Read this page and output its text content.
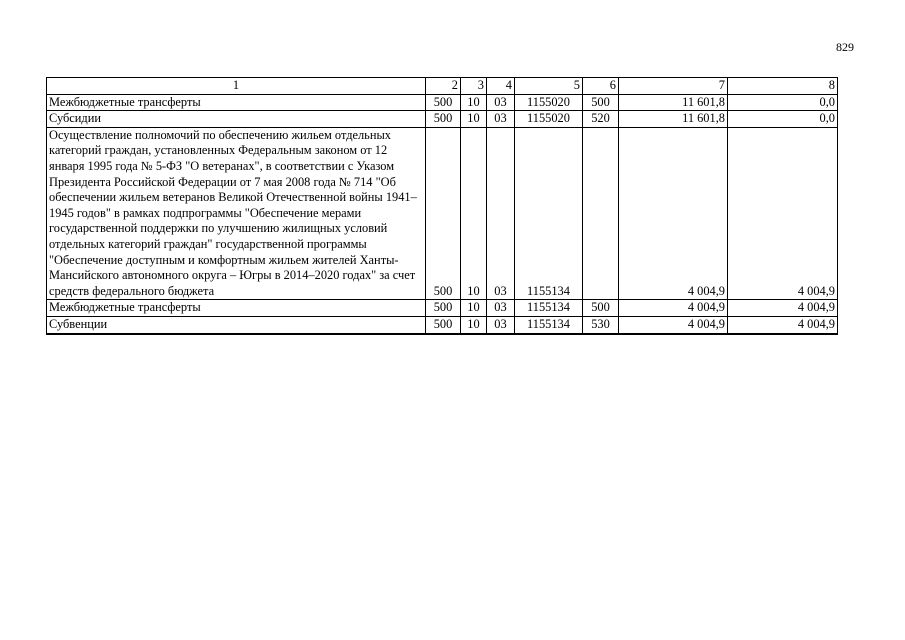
829
1	2	3	4	5	6	7	8
Межбюджетные трансферты	500	10	03	1155020	500	11 601,8	0,0
Субсидии	500	10	03	1155020	520	11 601,8	0,0
Осуществление полномочий по обеспечению жильем отдельных категорий граждан, установленных Федеральным законом от 12 января 1995 года № 5-ФЗ "О ветеранах", в соответствии с Указом Президента Российской Федерации от 7 мая 2008 года № 714 "Об обеспечении жильем ветеранов Великой Отечественной войны 1941–1945 годов" в рамках подпрограммы "Обеспечение мерами государственной поддержки по улучшению жилищных условий отдельных категорий граждан" государственной программы "Обеспечение доступным и комфортным жильем жителей Ханты-Мансийского автономного округа – Югры в 2014–2020 годах" за счет средств федерального бюджета	500	10	03	1155134		4 004,9	4 004,9
Межбюджетные трансферты	500	10	03	1155134	500	4 004,9	4 004,9
Субвенции	500	10	03	1155134	530	4 004,9	4 004,9
